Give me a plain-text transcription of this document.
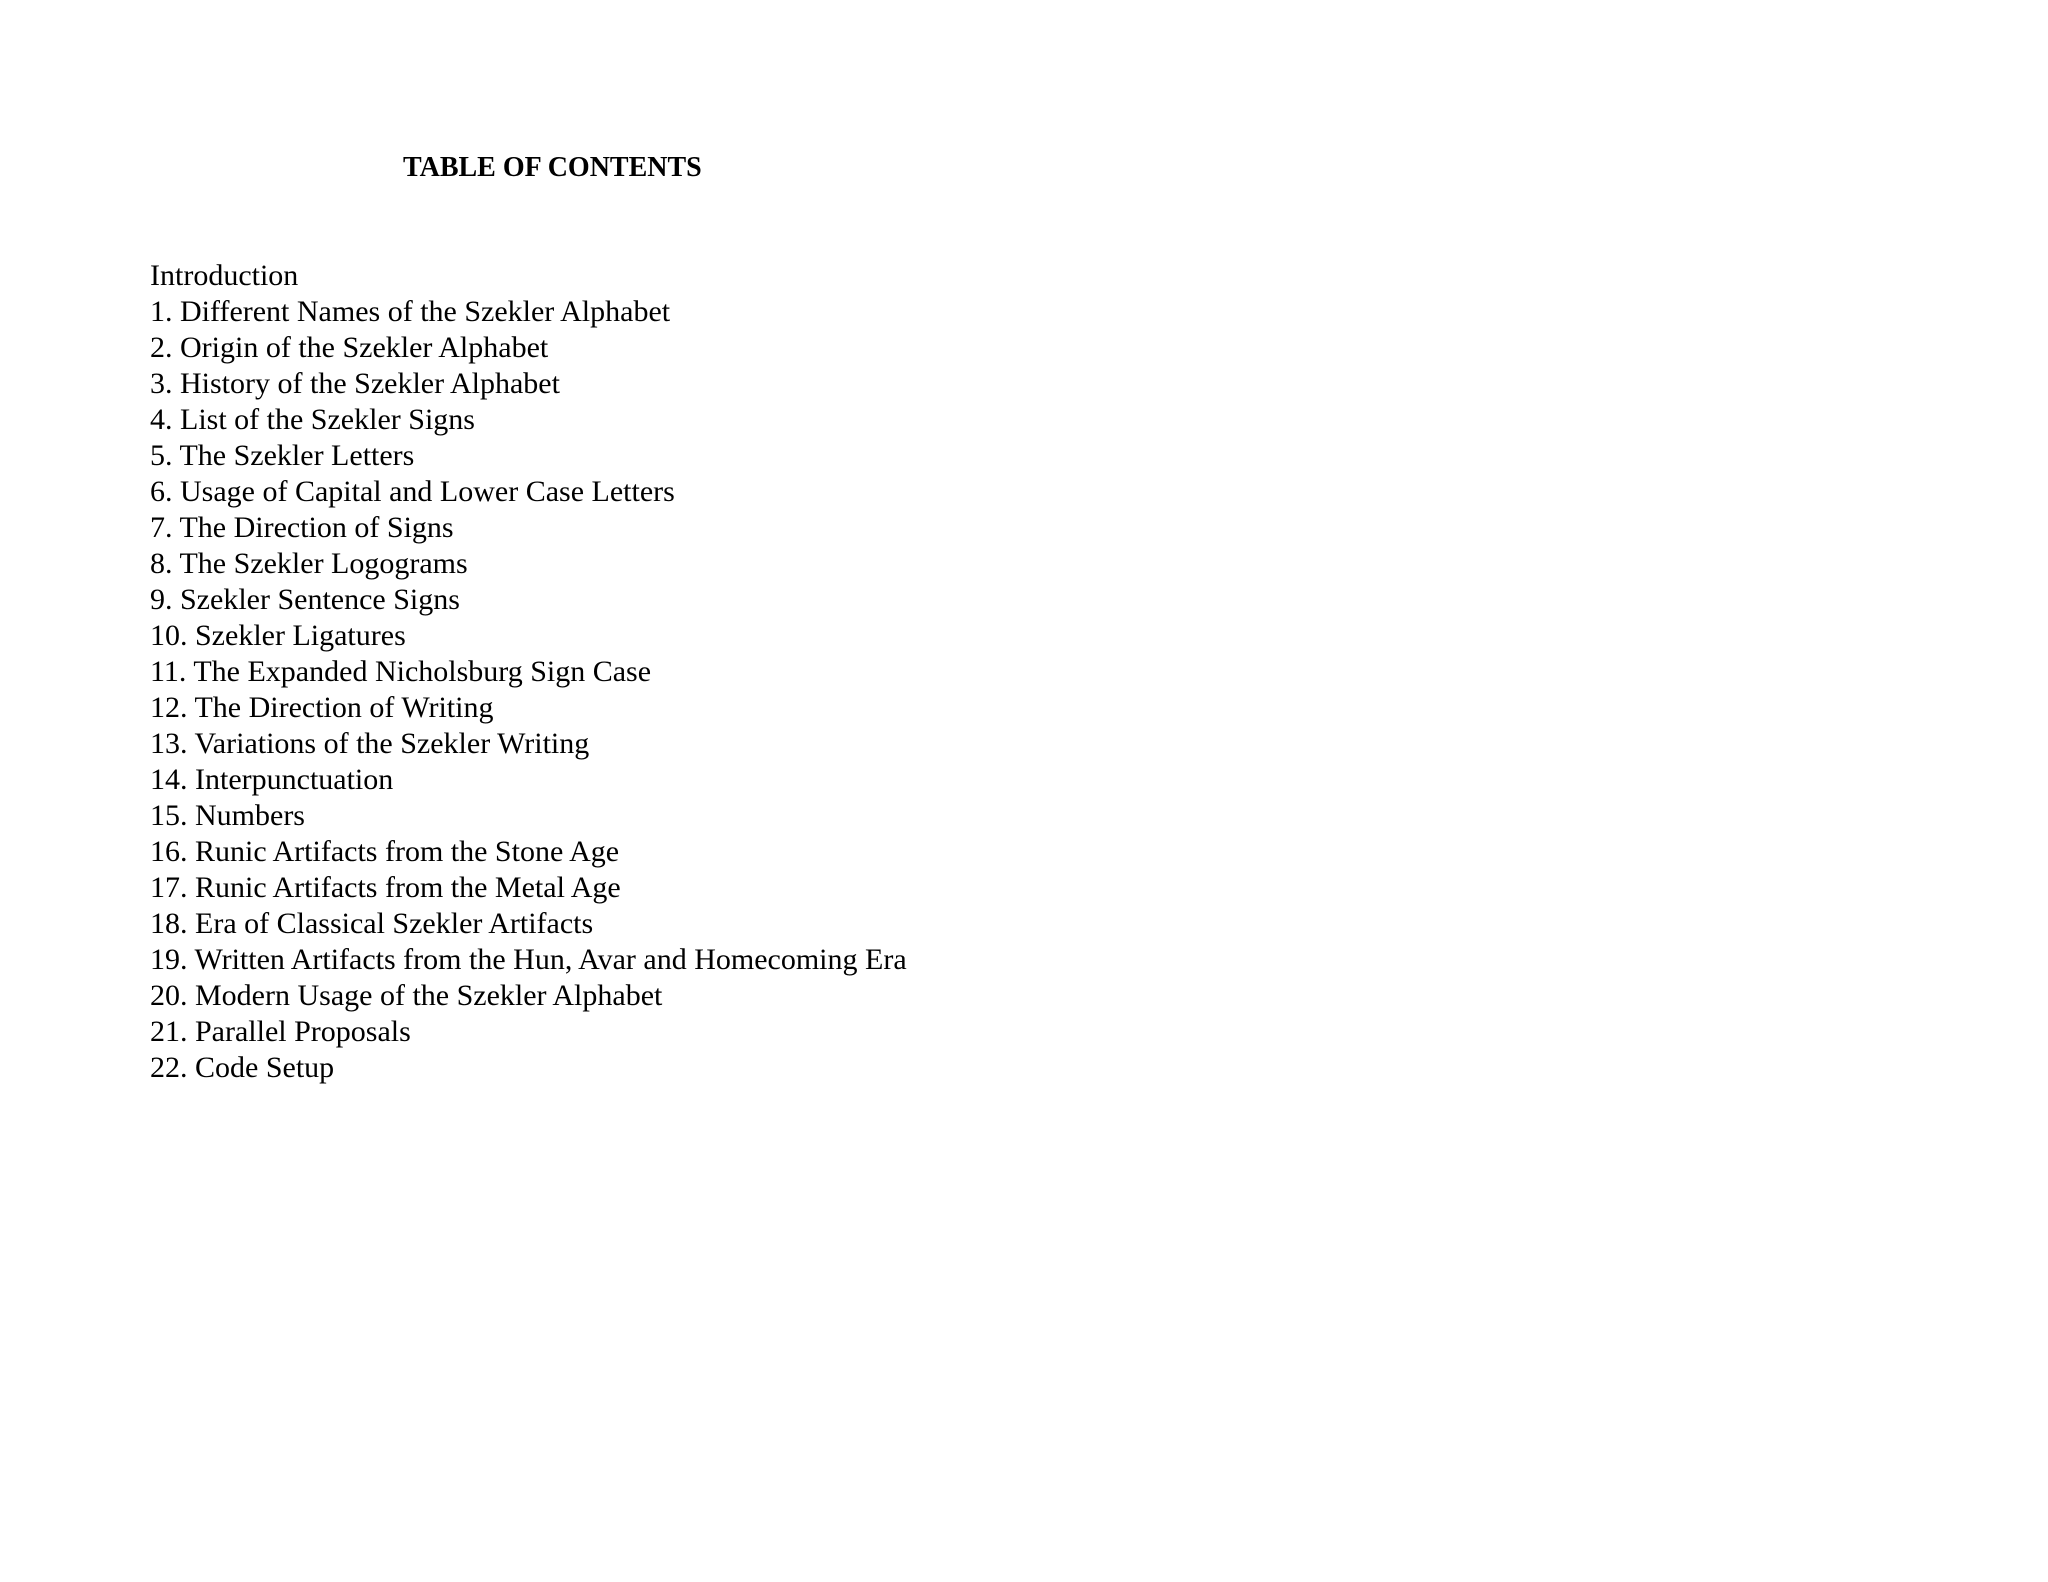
TABLE OF CONTENTS
Introduction
1. Different Names of the Szekler Alphabet
2. Origin of the Szekler Alphabet
3. History of the Szekler Alphabet
4. List of the Szekler Signs
5. The Szekler Letters
6. Usage of Capital and Lower Case Letters
7. The Direction of Signs
8. The Szekler Logograms
9. Szekler Sentence Signs
10. Szekler Ligatures
11. The Expanded Nicholsburg Sign Case
12. The Direction of Writing
13. Variations of the Szekler Writing
14. Interpunctuation
15. Numbers
16. Runic Artifacts from the Stone Age
17. Runic Artifacts from the Metal Age
18. Era of Classical Szekler Artifacts
19. Written Artifacts from the Hun, Avar and Homecoming Era
20. Modern Usage of the Szekler Alphabet
21. Parallel Proposals
22. Code Setup
